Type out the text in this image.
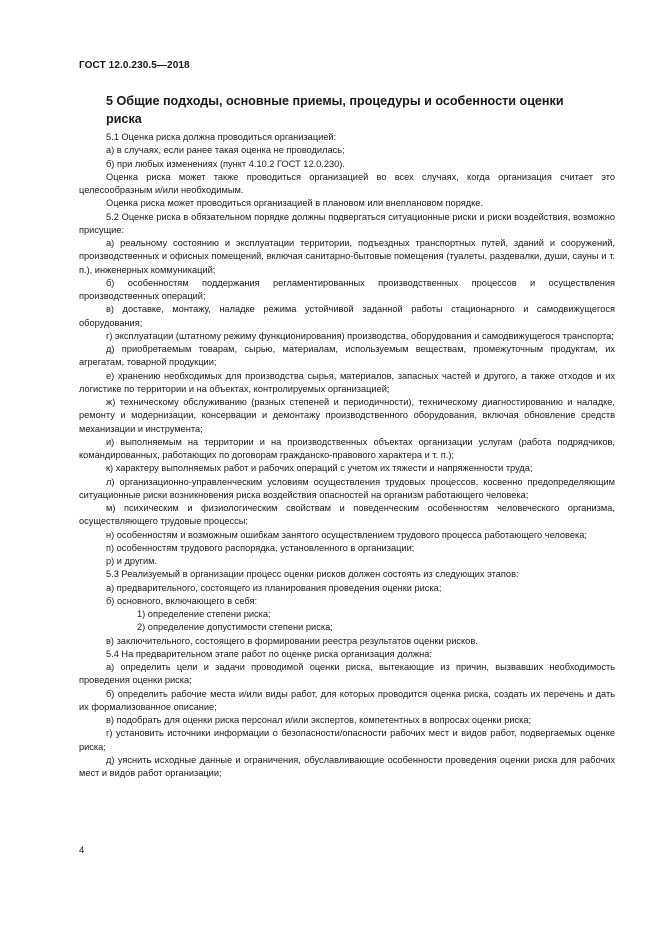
ГОСТ 12.0.230.5—2018
5 Общие подходы, основные приемы, процедуры и особенности оценки риска

5.1 Оценка риска должна проводиться организацией:

а) в случаях, если ранее такая оценка не проводилась;

б) при любых изменениях (пункт 4.10.2 ГОСТ 12.0.230).

Оценка риска может также проводиться организацией во всех случаях, когда организация считает это целесообразным и/или необходимым.

Оценка риска может проводиться организацией в плановом или внеплановом порядке.

5.2 Оценке риска в обязательном порядке должны подвергаться ситуационные риски и риски воздействия, возможно присущие:

а) реальному состоянию и эксплуатации территории, подъездных транспортных путей, зданий и сооружений, производственных и офисных помещений, включая санитарно-бытовые помещения (туалеты, раздевалки, души, сауны и т. п.), инженерных коммуникаций;

б) особенностям поддержания регламентированных производственных процессов и осуществления производственных операций;

в) доставке, монтажу, наладке режима устойчивой заданной работы стационарного и самодвижущегося оборудования;

г) эксплуатации (штатному режиму функционирования) производства, оборудования и самодвижущегося транспорта;

д) приобретаемым товарам, сырью, материалам, используемым веществам, промежуточным продуктам, их агрегатам, товарной продукции;

е) хранению необходимых для производства сырья, материалов, запасных частей и другого, а также отходов и их логистике по территории и на объектах, контролируемых организацией;

ж) техническому обслуживанию (разных степеней и периодичности), техническому диагностированию и наладке, ремонту и модернизации, консервации и демонтажу производственного оборудования, включая обновление средств механизации и инструмента;

и) выполняемым на территории и на производственных объектах организации услугам (работа подрядчиков, командированных, работающих по договорам гражданско-правового характера и т. п.);

к) характеру выполняемых работ и рабочих операций с учетом их тяжести и напряженности труда;

л) организационно-управленческим условиям осуществления трудовых процессов, косвенно предопределяющим ситуационные риски возникновения риска воздействия опасностей на организм работающего человека;

м) психическим и физиологическим свойствам и поведенческим особенностям человеческого организма, осуществляющего трудовые процессы;

н) особенностям и возможным ошибкам занятого осуществлением трудового процесса работающего человека;

п) особенностям трудового распорядка, установленного в организации;

р) и другим.

5.3 Реализуемый в организации процесс оценки рисков должен состоять из следующих этапов:

а) предварительного, состоящего из планирования проведения оценки риска;

б) основного, включающего в себя:

1) определение степени риска;

2) определение допустимости степени риска;

в) заключительного, состоящего в формировании реестра результатов оценки рисков.

5.4 На предварительном этапе работ по оценке риска организация должна:

а) определить цели и задачи проводимой оценки риска, вытекающие из причин, вызвавших необходимость проведения оценки риска;

б) определить рабочие места и/или виды работ, для которых проводится оценка риска, создать их перечень и дать их формализованное описание;

в) подобрать для оценки риска персонал и/или экспертов, компетентных в вопросах оценки риска;

г) установить источники информации о безопасности/опасности рабочих мест и видов работ, подвергаемых оценке риска;

д) уяснить исходные данные и ограничения, обуславливающие особенности проведения оценки риска для рабочих мест и видов работ организации;

4
